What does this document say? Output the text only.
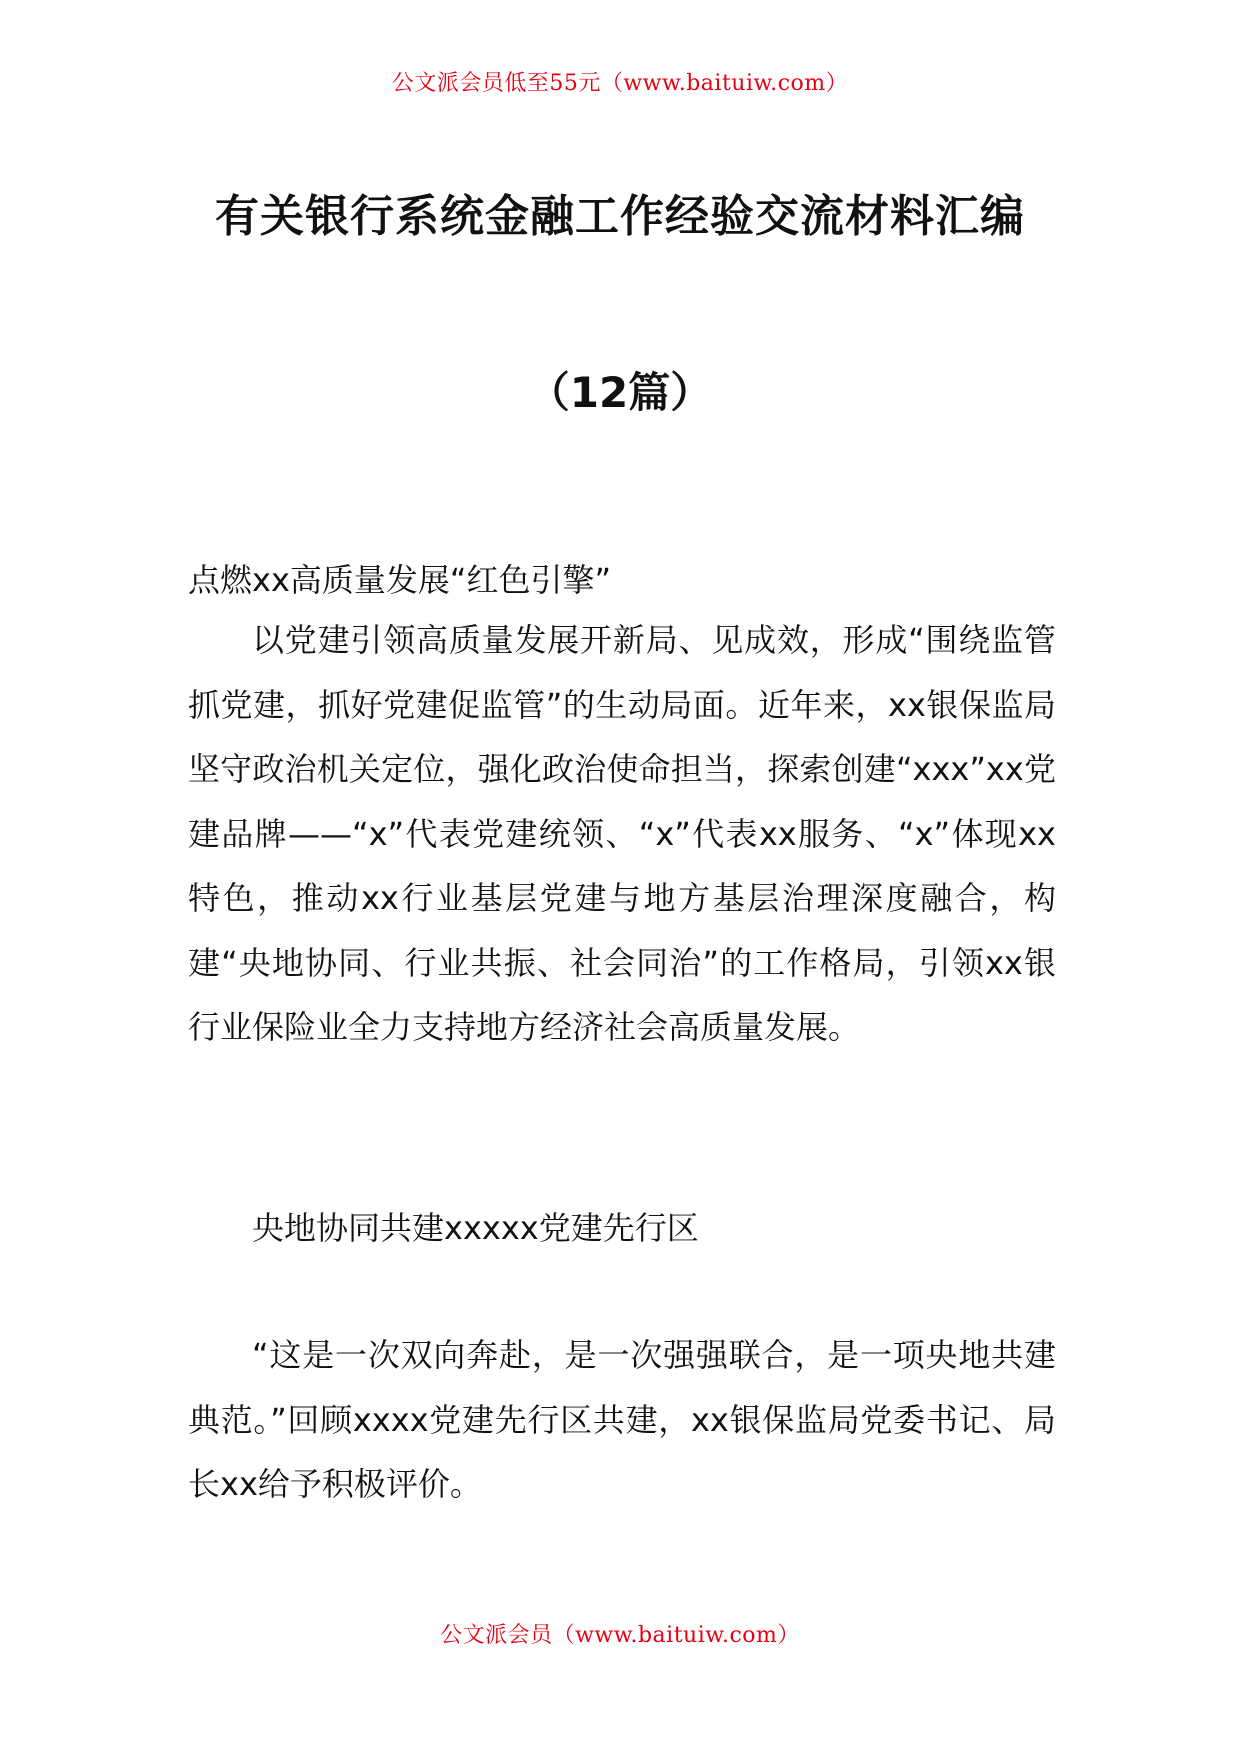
公文派会员低至55元（www.baituiw.com）
有关银行系统金融工作经验交流材料汇编
（12篇）
点燃xx高质量发展“红色引擎”
以党建引领高质量发展开新局、见成效，形成“围绕监管抓党建，抓好党建促监管”的生动局面。近年来，xx银保监局坚守政治机关定位，强化政治使命担当，探索创建“xxx”xx党建品牌——“x”代表党建统领、“x”代表xx服务、“x”体现xx特色，推动xx行业基层党建与地方基层治理深度融合，构建“央地协同、行业共振、社会同治”的工作格局，引领xx银行业保险业全力支持地方经济社会高质量发展。
央地协同共建xxxxx党建先行区
“这是一次双向奔赴，是一次强强联合，是一项央地共建典范。”回顾xxxx党建先行区共建，xx银保监局党委书记、局长xx给予积极评价。
公文派会员（www.baituiw.com）
